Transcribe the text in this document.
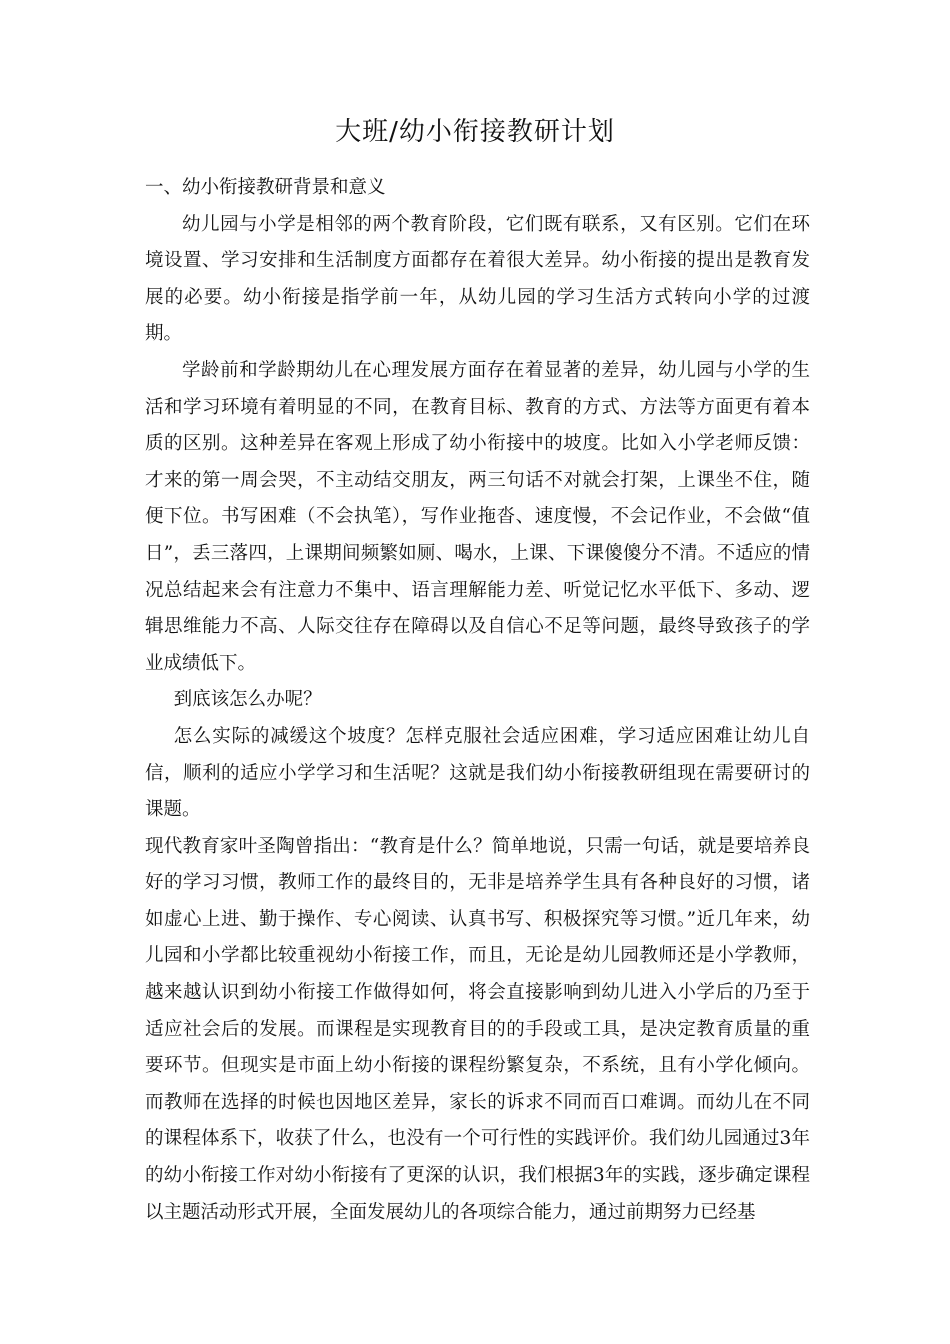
大班/幼小衔接教研计划

一、幼小衔接教研背景和意义

幼儿园与小学是相邻的两个教育阶段，它们既有联系，又有区别。它们在环境设置、学习安排和生活制度方面都存在着很大差异。幼小衔接的提出是教育发展的必要。幼小衔接是指学前一年，从幼儿园的学习生活方式转向小学的过渡期。

学龄前和学龄期幼儿在心理发展方面存在着显著的差异，幼儿园与小学的生活和学习环境有着明显的不同，在教育目标、教育的方式、方法等方面更有着本质的区别。这种差异在客观上形成了幼小衔接中的坡度。比如入小学老师反馈：才来的第一周会哭，不主动结交朋友，两三句话不对就会打架，上课坐不住，随便下位。书写困难（不会执笔），写作业拖沓、速度慢，不会记作业，不会做“值日”，丢三落四，上课期间频繁如厕、喝水，上课、下课傻傻分不清。不适应的情况总结起来会有注意力不集中、语言理解能力差、听觉记忆水平低下、多动、逻辑思维能力不高、人际交往存在障碍以及自信心不足等问题，最终导致孩子的学业成绩低下。

到底该怎么办呢？

怎么实际的减缓这个坡度？怎样克服社会适应困难，学习适应困难让幼儿自信，顺利的适应小学学习和生活呢？这就是我们幼小衔接教研组现在需要研讨的课题。

现代教育家叶圣陶曾指出：“教育是什么？简单地说，只需一句话，就是要培养良好的学习习惯，教师工作的最终目的，无非是培养学生具有各种良好的习惯，诸如虚心上进、勤于操作、专心阅读、认真书写、积极探究等习惯。”近几年来，幼儿园和小学都比较重视幼小衔接工作，而且，无论是幼儿园教师还是小学教师，越来越认识到幼小衔接工作做得如何，将会直接影响到幼儿进入小学后的乃至于适应社会后的发展。而课程是实现教育目的的手段或工具，是决定教育质量的重要环节。但现实是市面上幼小衔接的课程纷繁复杂，不系统，且有小学化倾向。而教师在选择的时候也因地区差异，家长的诉求不同而百口难调。而幼儿在不同的课程体系下，收获了什么，也没有一个可行性的实践评价。我们幼儿园通过3年的幼小衔接工作对幼小衔接有了更深的认识，我们根据3年的实践，逐步确定课程以主题活动形式开展，全面发展幼儿的各项综合能力，通过前期努力已经基
